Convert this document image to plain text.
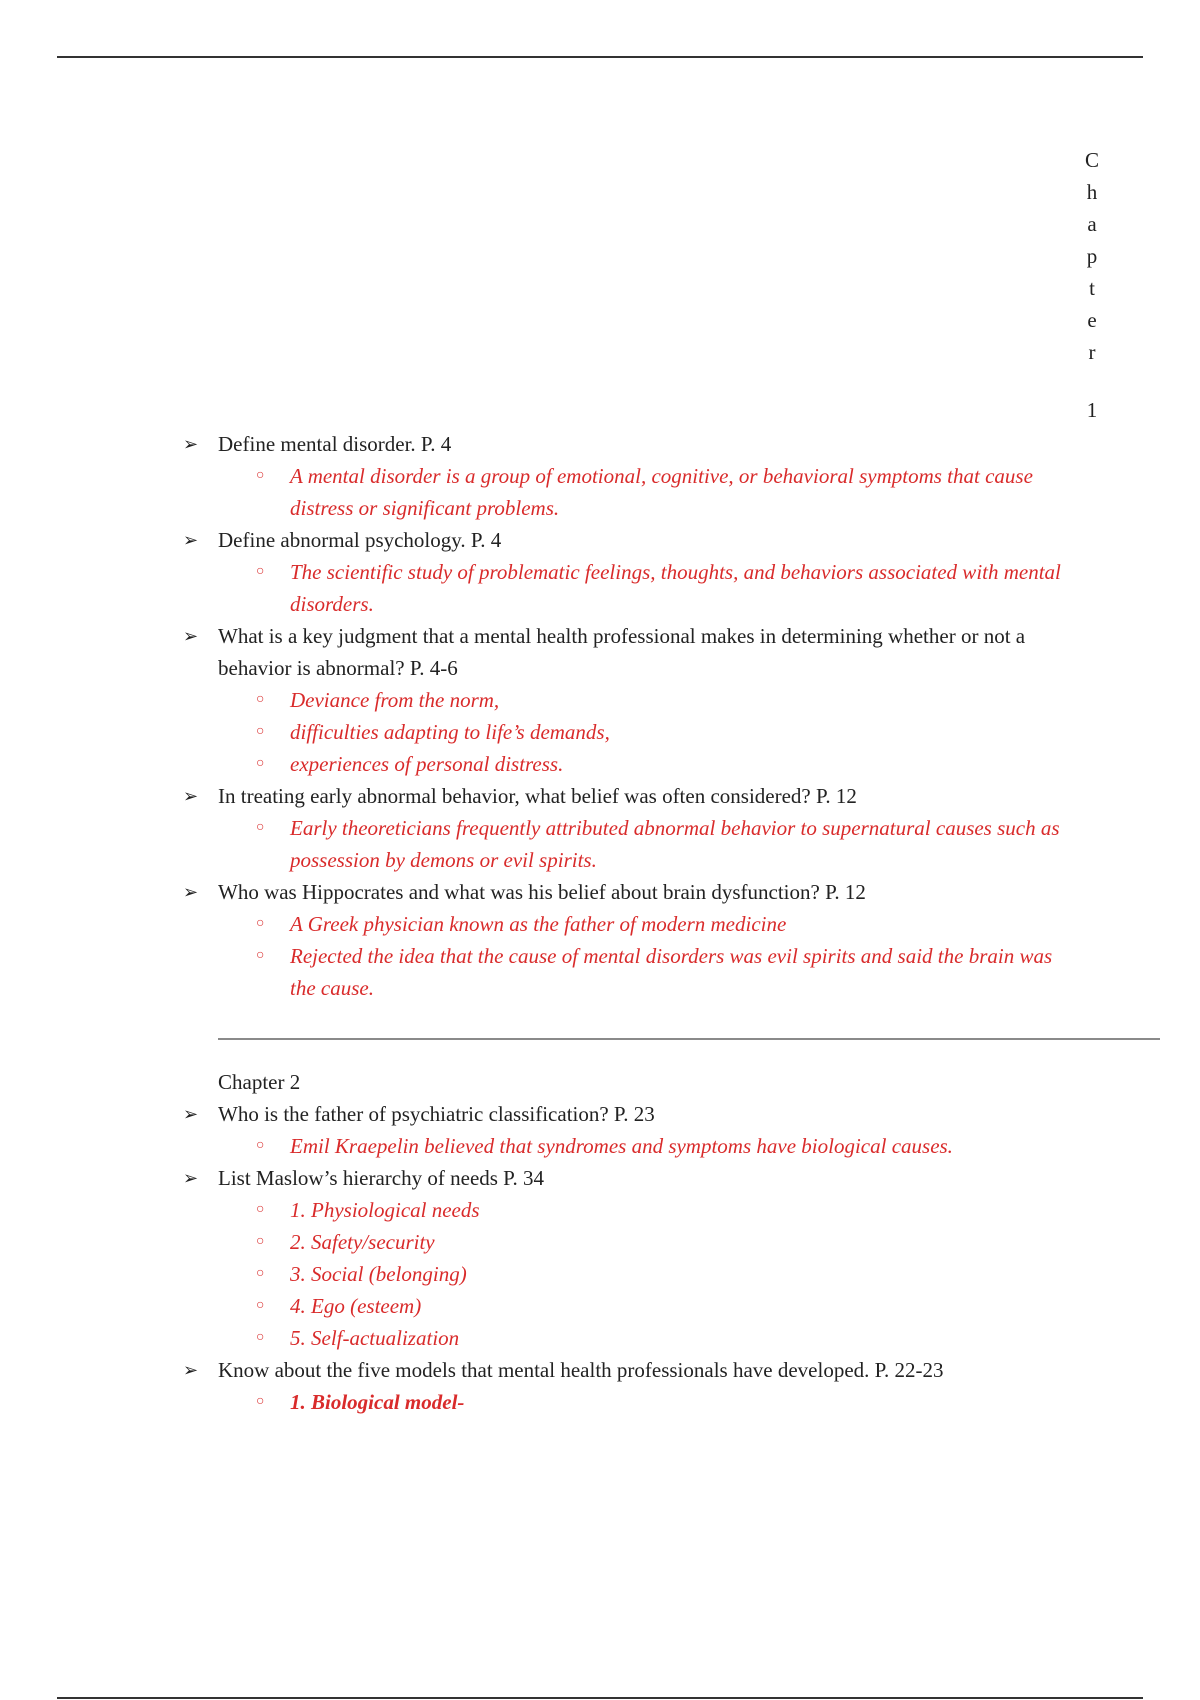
C
h
a
p
t
e
r
1
➢ Define mental disorder. P. 4
○ A mental disorder is a group of emotional, cognitive, or behavioral symptoms that cause distress or significant problems.
➢ Define abnormal psychology. P. 4
○ The scientific study of problematic feelings, thoughts, and behaviors associated with mental disorders.
➢ What is a key judgment that a mental health professional makes in determining whether or not a behavior is abnormal? P. 4-6
○ Deviance from the norm,
○ difficulties adapting to life’s demands,
○ experiences of personal distress.
➢ In treating early abnormal behavior, what belief was often considered? P. 12
○ Early theoreticians frequently attributed abnormal behavior to supernatural causes such as possession by demons or evil spirits.
➢ Who was Hippocrates and what was his belief about brain dysfunction? P. 12
○ A Greek physician known as the father of modern medicine
○ Rejected the idea that the cause of mental disorders was evil spirits and said the brain was the cause.
Chapter 2
➢ Who is the father of psychiatric classification? P. 23
○ Emil Kraepelin believed that syndromes and symptoms have biological causes.
➢ List Maslow’s hierarchy of needs P. 34
○ 1. Physiological needs
○ 2. Safety/security
○ 3. Social (belonging)
○ 4. Ego (esteem)
○ 5. Self-actualization
➢ Know about the five models that mental health professionals have developed. P. 22-23
○ 1. Biological model-
